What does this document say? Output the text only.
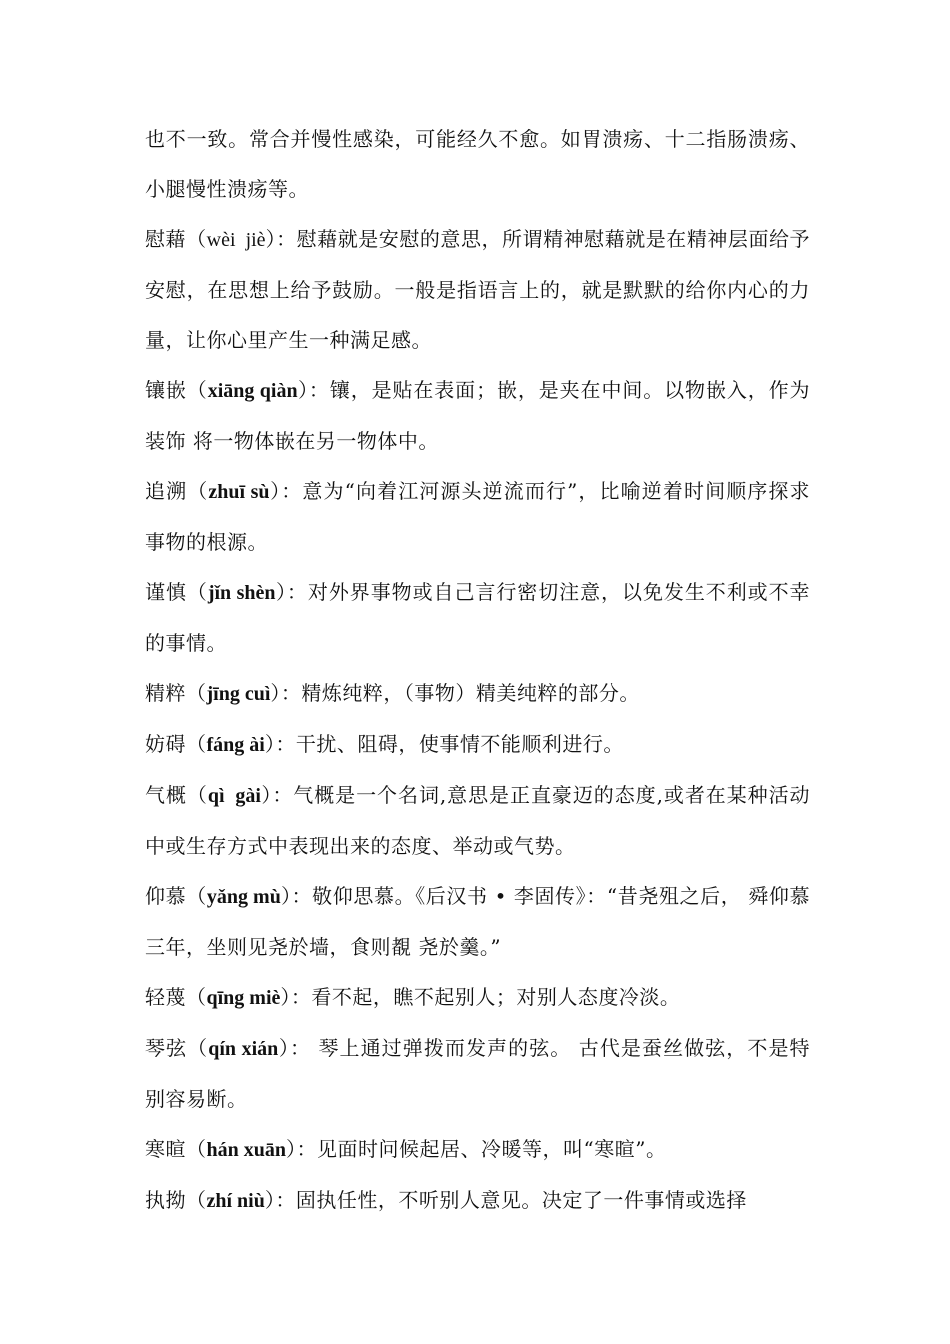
也不一致。常合并慢性感染，可能经久不愈。如胃溃疡、十二指肠溃疡、小腿慢性溃疡等。

慰藉（wèi  jiè）：慰藉就是安慰的意思，所谓精神慰藉就是在精神层面给予安慰，在思想上给予鼓励。一般是指语言上的，就是默默的给你内心的力量，让你心里产生一种满足感。

镶嵌（xiāng qiàn）：镶，是贴在表面；嵌，是夹在中间。以物嵌入，作为装饰 将一物体嵌在另一物体中。

追溯（zhuī sù）：意为“向着江河源头逆流而行”，比喻逆着时间顺序探求事物的根源。

谨慎（jǐn shèn）：对外界事物或自己言行密切注意，以免发生不利或不幸的事情。

精粹（jīng cuì）：精炼纯粹，（事物）精美纯粹的部分。

妨碍（fáng ài）：干扰、阻碍，使事情不能顺利进行。

气概（qì  gài）：气概是一个名词,意思是正直豪迈的态度,或者在某种活动中或生存方式中表现出来的态度、举动或气势。

仰慕（yǎng mù）：敬仰思慕。《后汉书 • 李固传》：“昔尧殂之后， 舜仰慕三年，坐则见尧於墙，食则覩 尧於羹。”

轻蔑（qīng miè）：看不起，瞧不起别人；对别人态度冷淡。

琴弦（qín xián）： 琴上通过弹拨而发声的弦。 古代是蚕丝做弦，不是特别容易断。

寒暄（hán xuān）：见面时问候起居、冷暖等，叫“寒暄”。

执拗（zhí niù）：固执任性，不听别人意见。决定了一件事情或选择
